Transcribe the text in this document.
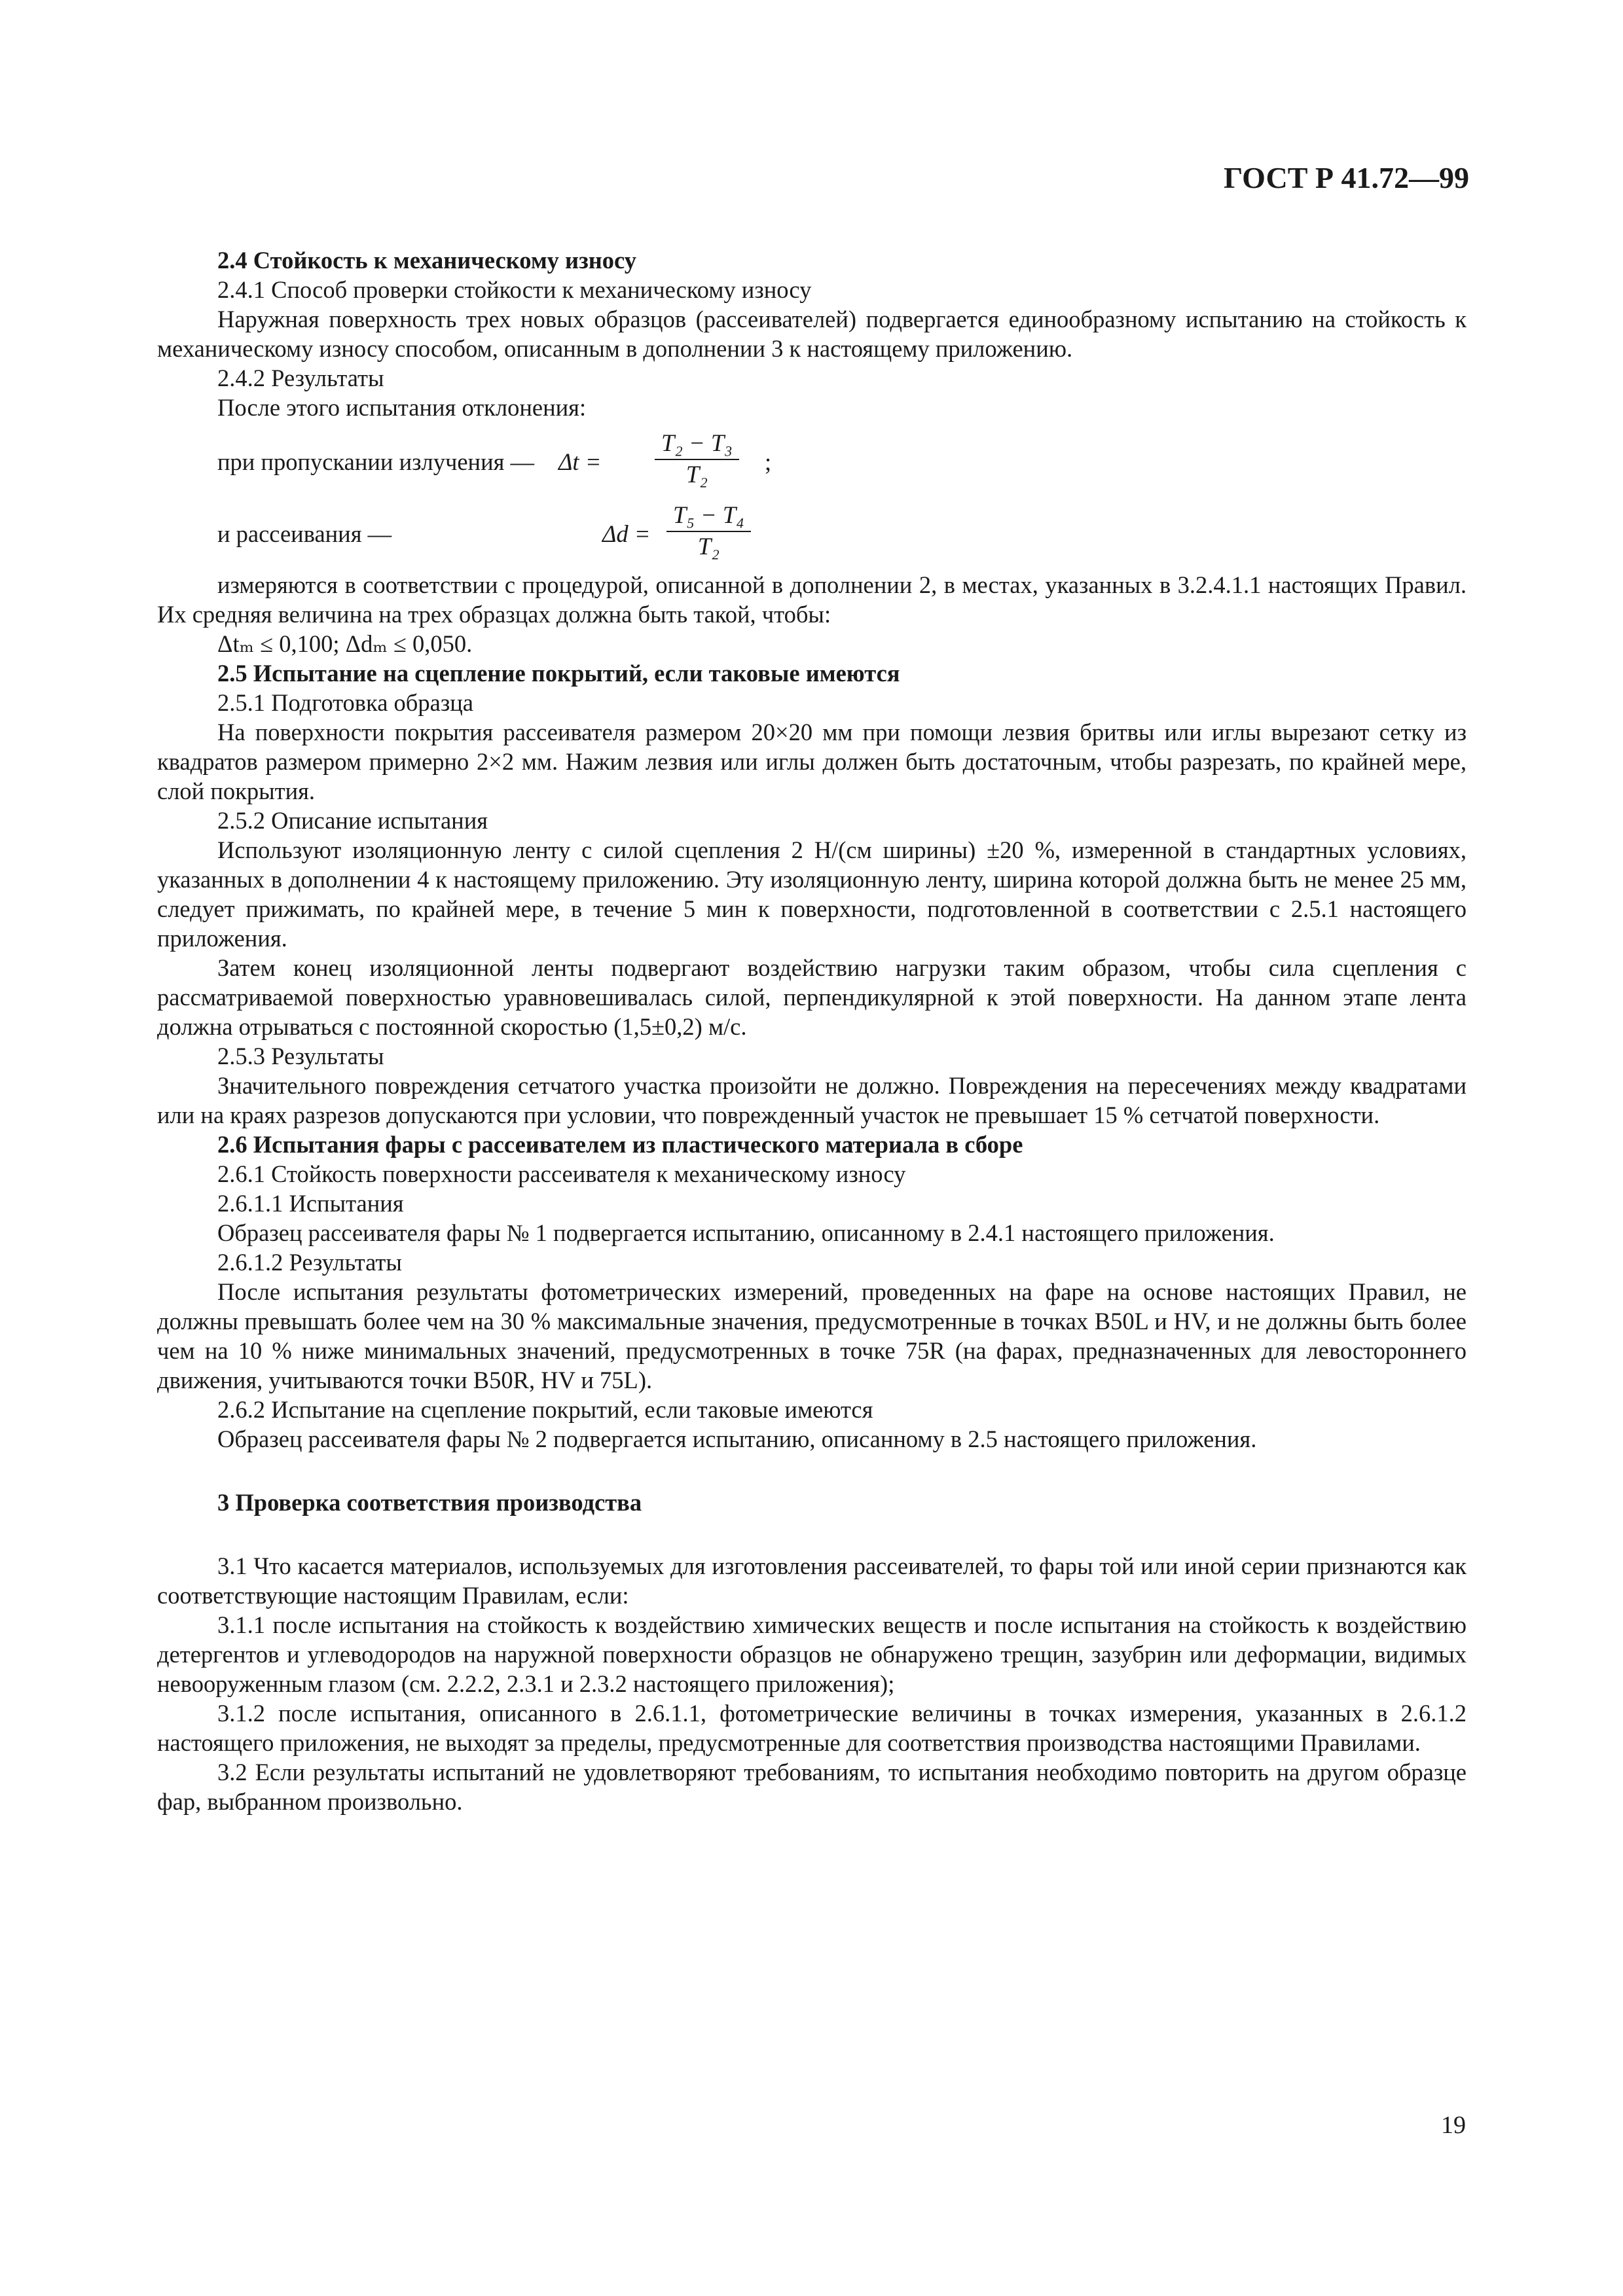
ГОСТ Р 41.72—99

2.4 Стойкость к механическому износу

2.4.1 Способ проверки стойкости к механическому износу

Наружная поверхность трех новых образцов (рассеивателей) подвергается единообразному испытанию на стойкость к механическому износу способом, описанным в дополнении 3 к настоящему приложению.

2.4.2 Результаты

После этого испытания отклонения:

при пропускании излучения — $\Delta t = \frac{\text{T₂ − T₃}}{\text{T₂}}$ ;
и рассеивания —	$\Delta d = \frac{\text{T₅ − T₄}}{\text{T₂}}$

измеряются в соответствии с процедурой, описанной в дополнении 2, в местах, указанных в 3.2.4.1.1 настоящих Правил. Их средняя величина на трех образцах должна быть такой, чтобы:

Δtₘ ≤ 0,100; Δdₘ ≤ 0,050.

2.5 Испытание на сцепление покрытий, если таковые имеются

2.5.1 Подготовка образца

На поверхности покрытия рассеивателя размером 20×20 мм при помощи лезвия бритвы или иглы вырезают сетку из квадратов размером примерно 2×2 мм. Нажим лезвия или иглы должен быть достаточным, чтобы разрезать, по крайней мере, слой покрытия.

2.5.2 Описание испытания

Используют изоляционную ленту с силой сцепления 2 Н/(см ширины) ±20 %, измеренной в стандартных условиях, указанных в дополнении 4 к настоящему приложению. Эту изоляционную ленту, ширина которой должна быть не менее 25 мм, следует прижимать, по крайней мере, в течение 5 мин к поверхности, подготовленной в соответствии с 2.5.1 настоящего приложения.

Затем конец изоляционной ленты подвергают воздействию нагрузки таким образом, чтобы сила сцепления с рассматриваемой поверхностью уравновешивалась силой, перпендикулярной к этой поверхности. На данном этапе лента должна отрываться с постоянной скоростью (1,5±0,2) м/с.

2.5.3 Результаты

Значительного повреждения сетчатого участка произойти не должно. Повреждения на пересечениях между квадратами или на краях разрезов допускаются при условии, что поврежденный участок не превышает 15 % сетчатой поверхности.

2.6 Испытания фары с рассеивателем из пластического материала в сборе

2.6.1 Стойкость поверхности рассеивателя к механическому износу

2.6.1.1 Испытания

Образец рассеивателя фары № 1 подвергается испытанию, описанному в 2.4.1 настоящего приложения.

2.6.1.2 Результаты

После испытания результаты фотометрических измерений, проведенных на фаре на основе настоящих Правил, не должны превышать более чем на 30 % максимальные значения, предусмотренные в точках B50L и HV, и не должны быть более чем на 10 % ниже минимальных значений, предусмотренных в точке 75R (на фарах, предназначенных для левостороннего движения, учитываются точки B50R, HV и 75L).

2.6.2 Испытание на сцепление покрытий, если таковые имеются

Образец рассеивателя фары № 2 подвергается испытанию, описанному в 2.5 настоящего приложения.

3 Проверка соответствия производства

3.1 Что касается материалов, используемых для изготовления рассеивателей, то фары той или иной серии признаются как соответствующие настоящим Правилам, если:

3.1.1 после испытания на стойкость к воздействию химических веществ и после испытания на стойкость к воздействию детергентов и углеводородов на наружной поверхности образцов не обнаружено трещин, зазубрин или деформации, видимых невооруженным глазом (см. 2.2.2, 2.3.1 и 2.3.2 настоящего приложения);

3.1.2 после испытания, описанного в 2.6.1.1, фотометрические величины в точках измерения, указанных в 2.6.1.2 настоящего приложения, не выходят за пределы, предусмотренные для соответствия производства настоящими Правилами.

3.2 Если результаты испытаний не удовлетворяют требованиям, то испытания необходимо повторить на другом образце фар, выбранном произвольно.

19
